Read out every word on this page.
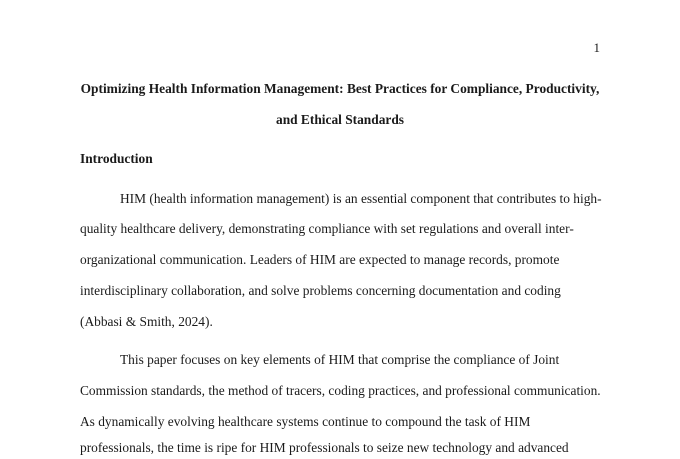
1
Optimizing Health Information Management: Best Practices for Compliance, Productivity,
and Ethical Standards
Introduction
HIM (health information management) is an essential component that contributes to high-
quality healthcare delivery, demonstrating compliance with set regulations and overall inter-
organizational communication. Leaders of HIM are expected to manage records, promote
interdisciplinary collaboration, and solve problems concerning documentation and coding
(Abbasi & Smith, 2024).
This paper focuses on key elements of HIM that comprise the compliance of Joint
Commission standards, the method of tracers, coding practices, and professional communication.
As dynamically evolving healthcare systems continue to compound the task of HIM
professionals, the time is ripe for HIM professionals to seize new technology and advanced
